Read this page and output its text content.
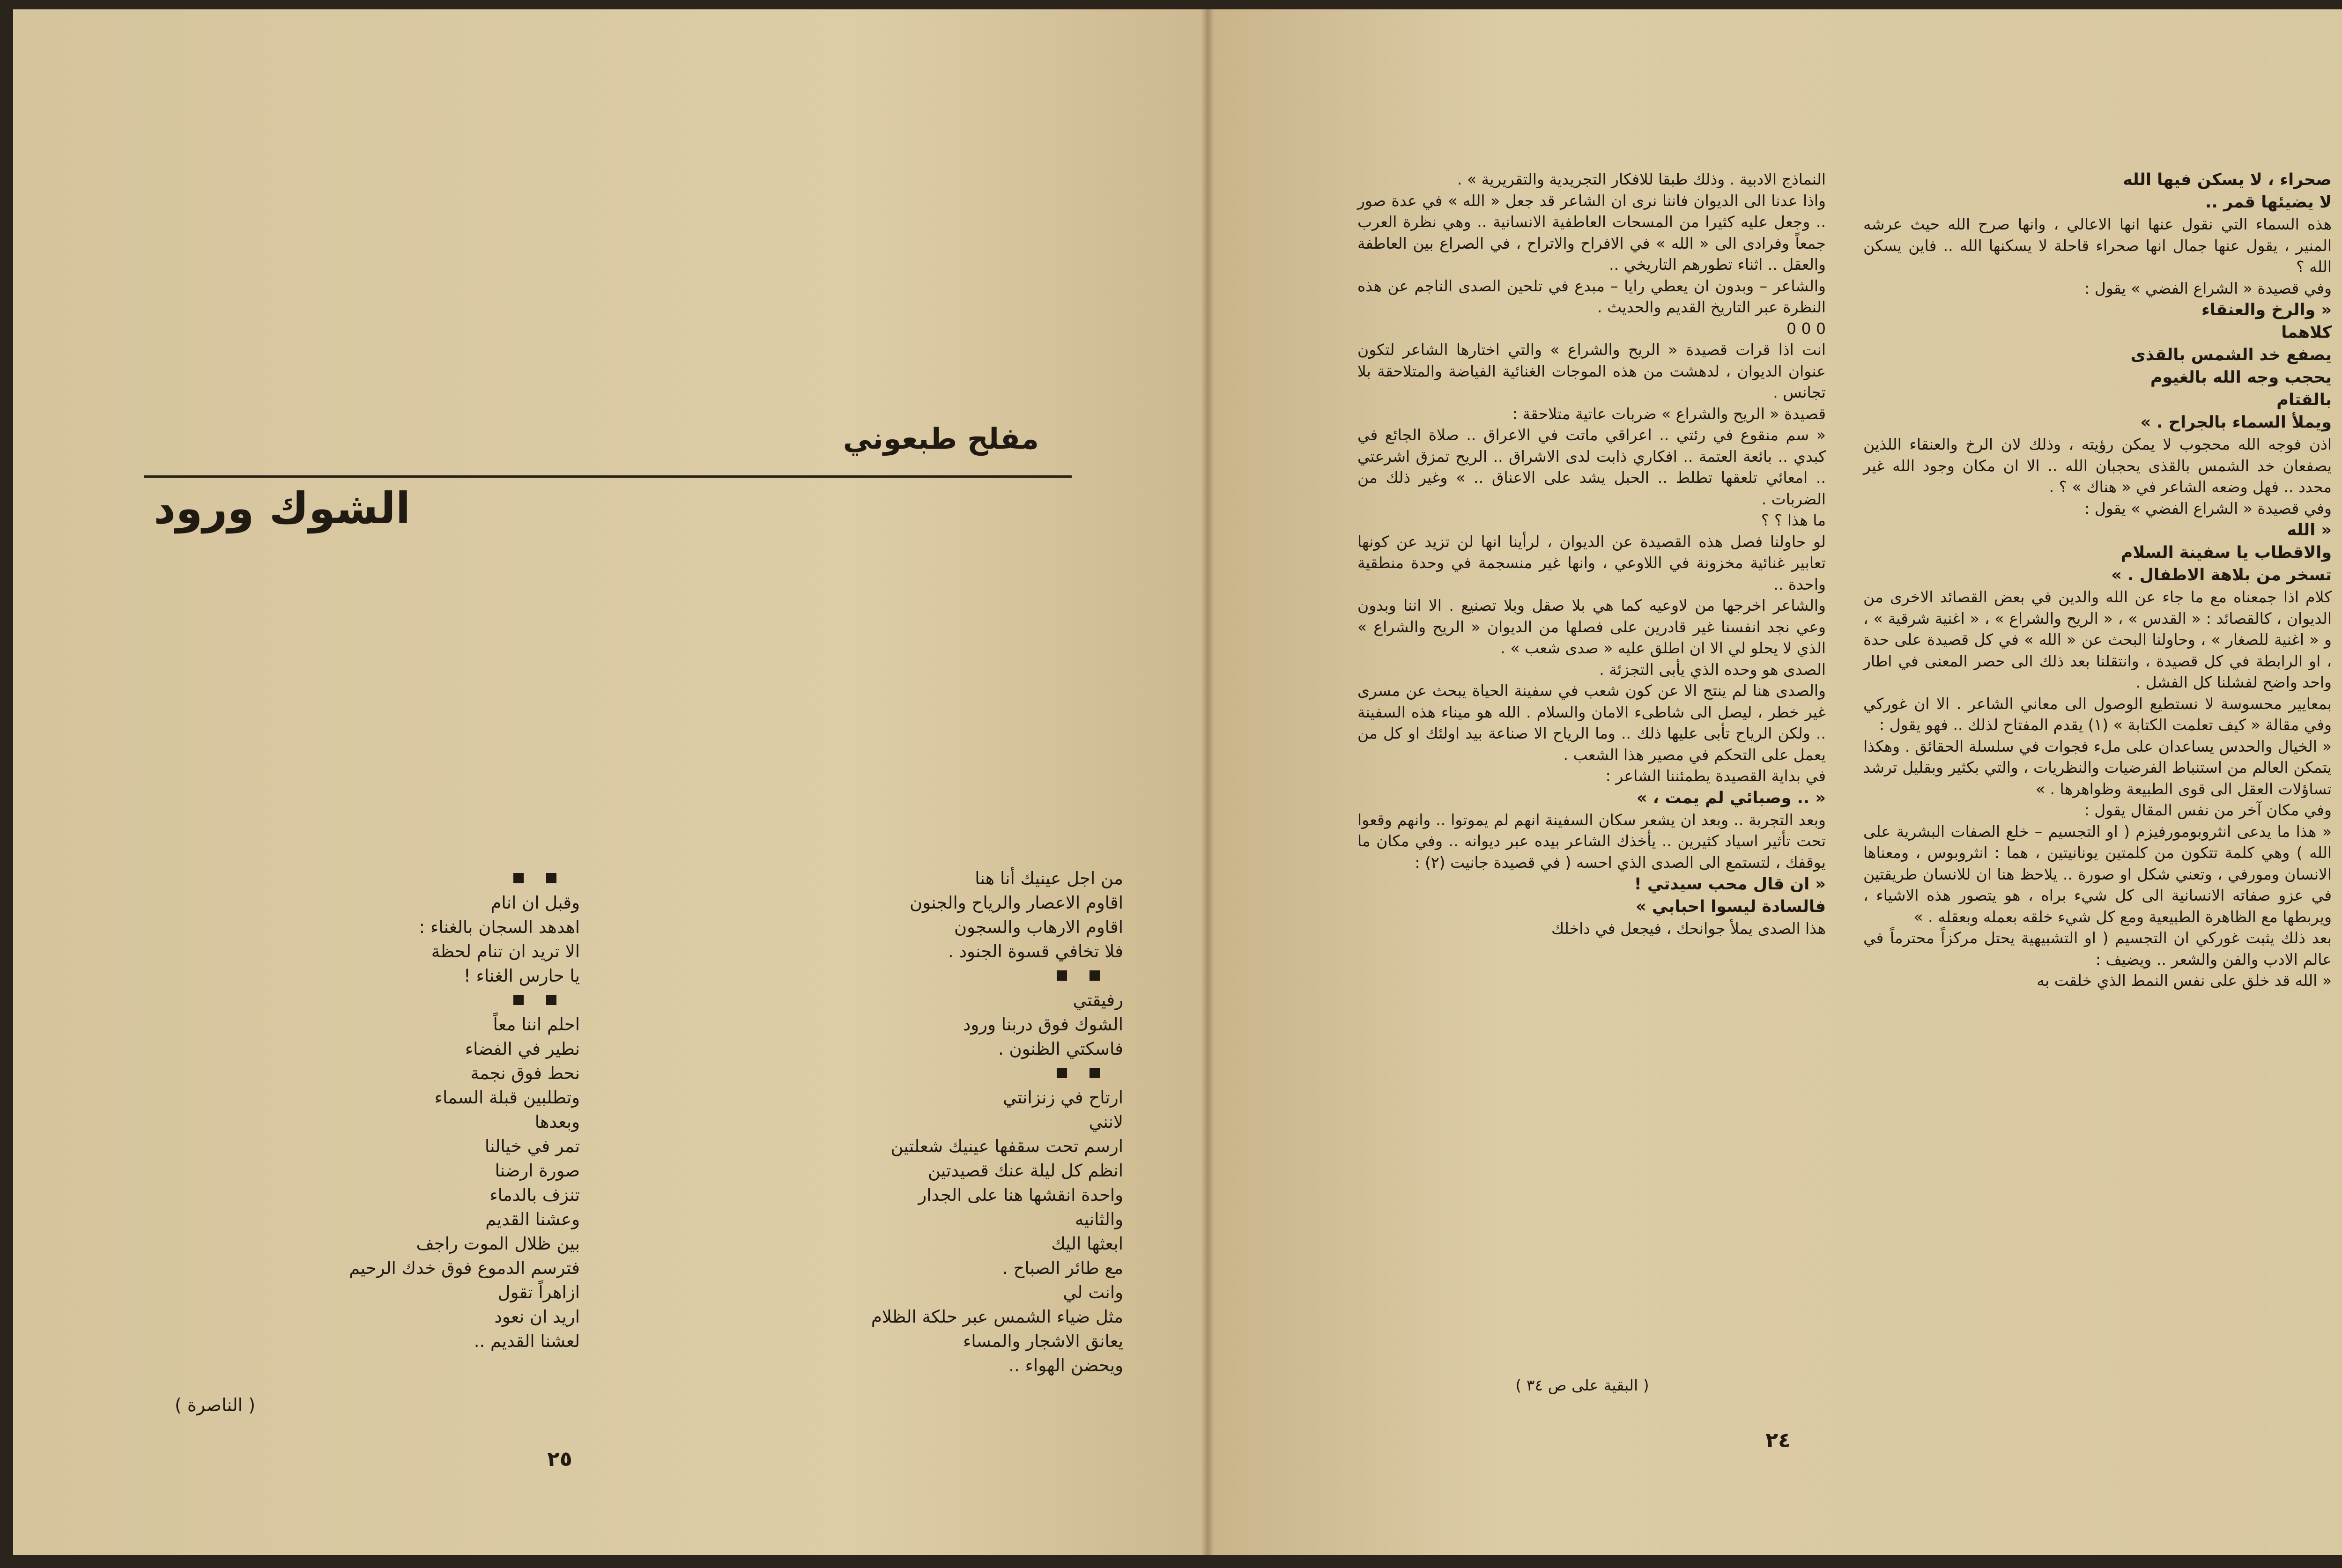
مفلح طبعوني
الشوك ورود
من اجل عينيك أنا هنا
اقاوم الاعصار والرياح والجنون
اقاوم الارهاب والسجون
فلا تخافي قسوة الجنود .
رفيقتي
الشوك فوق دربنا ورود
فاسكتي الظنون .
ارتاح في زنزانتي
لانني
ارسم تحت سقفها عينيك شعلتين
انظم كل ليلة عنك قصيدتين
واحدة انقشها هنا على الجدار
والثانيه
ابعثها اليك
مع طائر الصباح .
وانت لي
مثل ضياء الشمس عبر حلكة الظلام
يعانق الاشجار والمساء
ويحضن الهواء ..
وقبل ان انام
اهدهد السجان بالغناء :
الا تريد ان تنام لحظة
يا حارس الغناء !
احلم اننا معاً
نطير في الفضاء
نحط فوق نجمة
وتطلبين قبلة السماء
وبعدها
تمر في خيالنا
صورة ارضنا
تنزف بالدماء
وعشنا القديم
بين ظلال الموت راجف
فترسم الدموع فوق خدك الرحيم
ازاهراً تقول
اريد ان نعود
لعشنا القديم ..
( الناصرة )
٢٥

صحراء ، لا يسكن فيها الله

لا يضيئها قمر ..

هذه السماء التي نقول عنها انها الاعالي ، وانها صرح الله حيث عرشه المنير ، يقول عنها جمال انها صحراء قاحلة لا يسكنها الله .. فاين يسكن الله ؟

وفي قصيدة « الشراع الفضي » يقول :

« والرخ والعنقاء

كلاهما

يصفع خد الشمس بالقذى

يحجب وجه الله بالغيوم

بالقتام

ويملأ السماء بالجراح . »

اذن فوجه الله محجوب لا يمكن رؤيته ، وذلك لان الرخ والعنقاء اللذين يصفعان خد الشمس بالقذى يحجبان الله .. الا ان مكان وجود الله غير محدد .. فهل وضعه الشاعر في « هناك » ؟ .

وفي قصيدة « الشراع الفضي » يقول :

« الله

والاقطاب يا سفينة السلام

تسخر من بلاهة الاطفال . »

كلام اذا جمعناه مع ما جاء عن الله والدين في بعض القصائد الاخرى من الديوان ، كالقصائد : « القدس » ، « الريح والشراع » ، « اغنية شرقية » ، و « اغنية للصغار » ، وحاولنا البحث عن « الله » في كل قصيدة على حدة ، او الرابطة في كل قصيدة ، وانتقلنا بعد ذلك الى حصر المعنى في اطار واحد واضح لفشلنا كل الفشل .

بمعايير محسوسة لا نستطيع الوصول الى معاني الشاعر . الا ان غوركي وفي مقالة « كيف تعلمت الكتابة » (١) يقدم المفتاح لذلك .. فهو يقول :

« الخيال والحدس يساعدان على ملء فجوات في سلسلة الحقائق . وهكذا يتمكن العالم من استنباط الفرضيات والنظريات ، والتي بكثير وبقليل ترشد تساؤلات العقل الى قوى الطبيعة وظواهرها . »

وفي مكان آخر من نفس المقال يقول :

« هذا ما يدعى انثروبومورفيزم ( او التجسيم – خلع الصفات البشرية على الله ) وهي كلمة تتكون من كلمتين يونانيتين ، هما : انثروبوس ، ومعناها الانسان ومورفي ، وتعني شكل او صورة .. يلاحظ هنا ان للانسان طريقتين في عزو صفاته الانسانية الى كل شيء براه ، هو يتصور هذه الاشياء ، ويربطها مع الظاهرة الطبيعية ومع كل شيء خلقه بعمله وبعقله . »

بعد ذلك يثبت غوركي ان التجسيم ( او التشبيهية يحتل مركزاً محترماً في عالم الادب والفن والشعر .. ويضيف :

« الله قد خلق على نفس النمط الذي خلقت به

النماذج الادبية . وذلك طبقا للافكار التجريدية والتقريرية » .

واذا عدنا الى الديوان فاننا نرى ان الشاعر قد جعل « الله » في عدة صور .. وجعل عليه كثيرا من المسحات العاطفية الانسانية .. وهي نظرة العرب جمعاً وفرادى الى « الله » في الافراح والاتراح ، في الصراع بين العاطفة والعقل .. اثناء تطورهم التاريخي ..

والشاعر – وبدون ان يعطي رايا – مبدع في تلحين الصدى الناجم عن هذه النظرة عبر التاريخ القديم والحديث .

0 0 0

انت اذا قرات قصيدة « الريح والشراع » والتي اختارها الشاعر لتكون عنوان الديوان ، لدهشت من هذه الموجات الغنائية الفياضة والمتلاحقة بلا تجانس .

قصيدة « الريح والشراع » ضربات عاتية متلاحقة :

« سم منقوع في رئتي .. اعراقي ماتت في الاعراق .. صلاة الجائع في كبدي .. بائعة العتمة .. افكاري ذابت لدى الاشراق .. الريح تمزق اشرعتي .. امعائي تلعقها تطلط .. الحبل يشد على الاعناق .. » وغير ذلك من الضربات .

ما هذا ؟ ؟

لو حاولنا فصل هذه القصيدة عن الديوان ، لرأينا انها لن تزيد عن كونها تعابير غنائية مخزونة في اللاوعي ، وانها غير منسجمة في وحدة منطقية واحدة ..

والشاعر اخرجها من لاوعيه كما هي بلا صقل وبلا تصنيع . الا اننا وبدون وعي نجد انفسنا غير قادرين على فصلها من الديوان « الريح والشراع » الذي لا يحلو لي الا ان اطلق عليه « صدى شعب » .

الصدى هو وحده الذي يأبى التجزئة .

والصدى هنا لم ينتج الا عن كون شعب في سفينة الحياة يبحث عن مسرى غير خطر ، ليصل الى شاطىء الامان والسلام . الله هو ميناء هذه السفينة .. ولكن الرياح تأبى عليها ذلك .. وما الرياح الا صناعة بيد اولئك او كل من يعمل على التحكم في مصير هذا الشعب .

في بداية القصيدة يطمئننا الشاعر :

« .. وصبائي لم يمت ، »

وبعد التجربة .. وبعد ان يشعر سكان السفينة انهم لم يموتوا .. وانهم وقعوا تحت تأثير اسياد كثيرين .. يأخذك الشاعر بيده عبر ديوانه .. وفي مكان ما يوقفك ، لتستمع الى الصدى الذي احسه ( في قصيدة جانيت (٢) :

« ان قال محب سيدتي !

فالسادة ليسوا احبابي »

هذا الصدى يملأ جوانحك ، فيجعل في داخلك

( البقية على ص ٣٤ )
٢٤
